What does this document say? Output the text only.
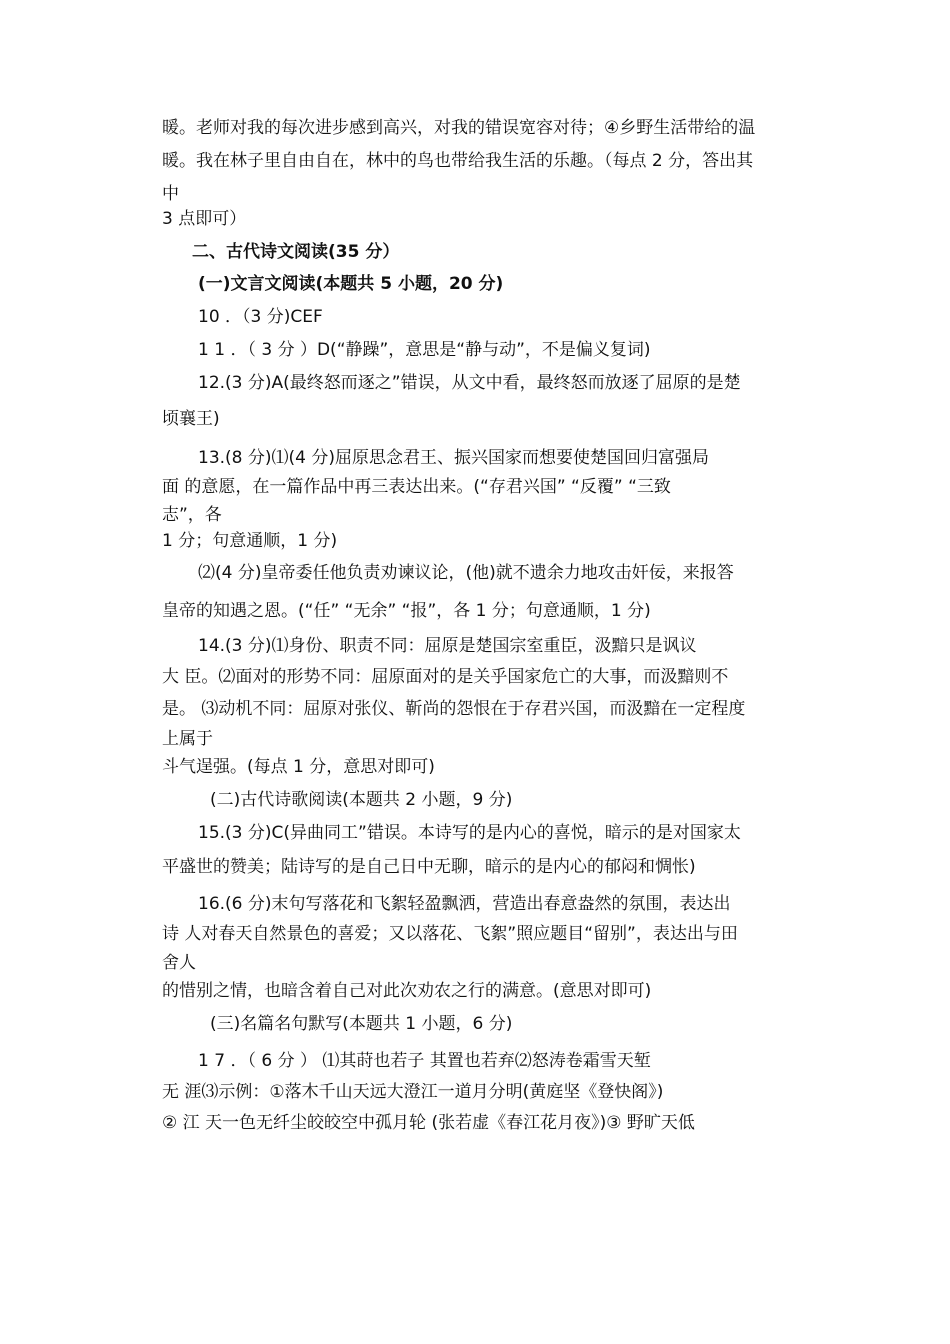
暖。老师对我的每次进步感到高兴，对我的错误宽容对待；④乡野生活带给的温

暖。我在林子里自由自在，林中的鸟也带给我生活的乐趣。（每点 2 分，答出其

中

3 点即可）

二、古代诗文阅读(35 分）

(一)文言文阅读(本题共 5 小题，20 分)

10 ．（3 分)CEF

1 1 ．（ 3 分 ）D(“静躁”，意思是“静与动”，不是偏义复词)

12.(3 分)A(最终怒而逐之”错误，从文中看，最终怒而放逐了屈原的是楚

顷襄王)

13.(8 分)⑴(4 分)屈原思念君王、振兴国家而想要使楚国回归富强局

面 的意愿，在一篇作品中再三表达出来。(“存君兴国” “反覆” “三致

志”，各

1 分；句意通顺，1 分)

⑵(4 分)皇帝委任他负责劝谏议论，(他)就不遗余力地攻击奸佞，来报答

皇帝的知遇之恩。(“任” “无余” “报”，各 1 分；句意通顺，1 分)

14.(3 分)⑴身份、职责不同：屈原是楚国宗室重臣，汲黯只是讽议

大 臣。⑵面对的形势不同：屈原面对的是关乎国家危亡的大事，而汲黯则不

是。 ⑶动机不同：屈原对张仪、靳尚的怨恨在于存君兴国，而汲黯在一定程度

上属于

斗气逞强。(每点 1 分，意思对即可)

(二)古代诗歌阅读(本题共 2 小题，9 分)

15.(3 分)C(异曲同工”错误。本诗写的是内心的喜悦，暗示的是对国家太

平盛世的赞美；陆诗写的是自己日中无聊，暗示的是内心的郁闷和惆怅)

16.(6 分)末句写落花和飞絮轻盈飘洒，营造出春意盎然的氛围，表达出

诗 人对春天自然景色的喜爱；又以落花、飞絮”照应题目“留别”，表达出与田

舍人

的惜别之情，也暗含着自己对此次劝农之行的满意。(意思对即可)

(三)名篇名句默写(本题共 1 小题，6 分)

1 7 ．（ 6 分 ） ⑴其莳也若子 其置也若弃⑵怒涛卷霜雪天堑

无 涯⑶示例：①落木千山天远大澄江一道月分明(黄庭坚《登快阁》)

② 江 天一色无纤尘皎皎空中孤月轮 (张若虚《春江花月夜》)③ 野旷天低
